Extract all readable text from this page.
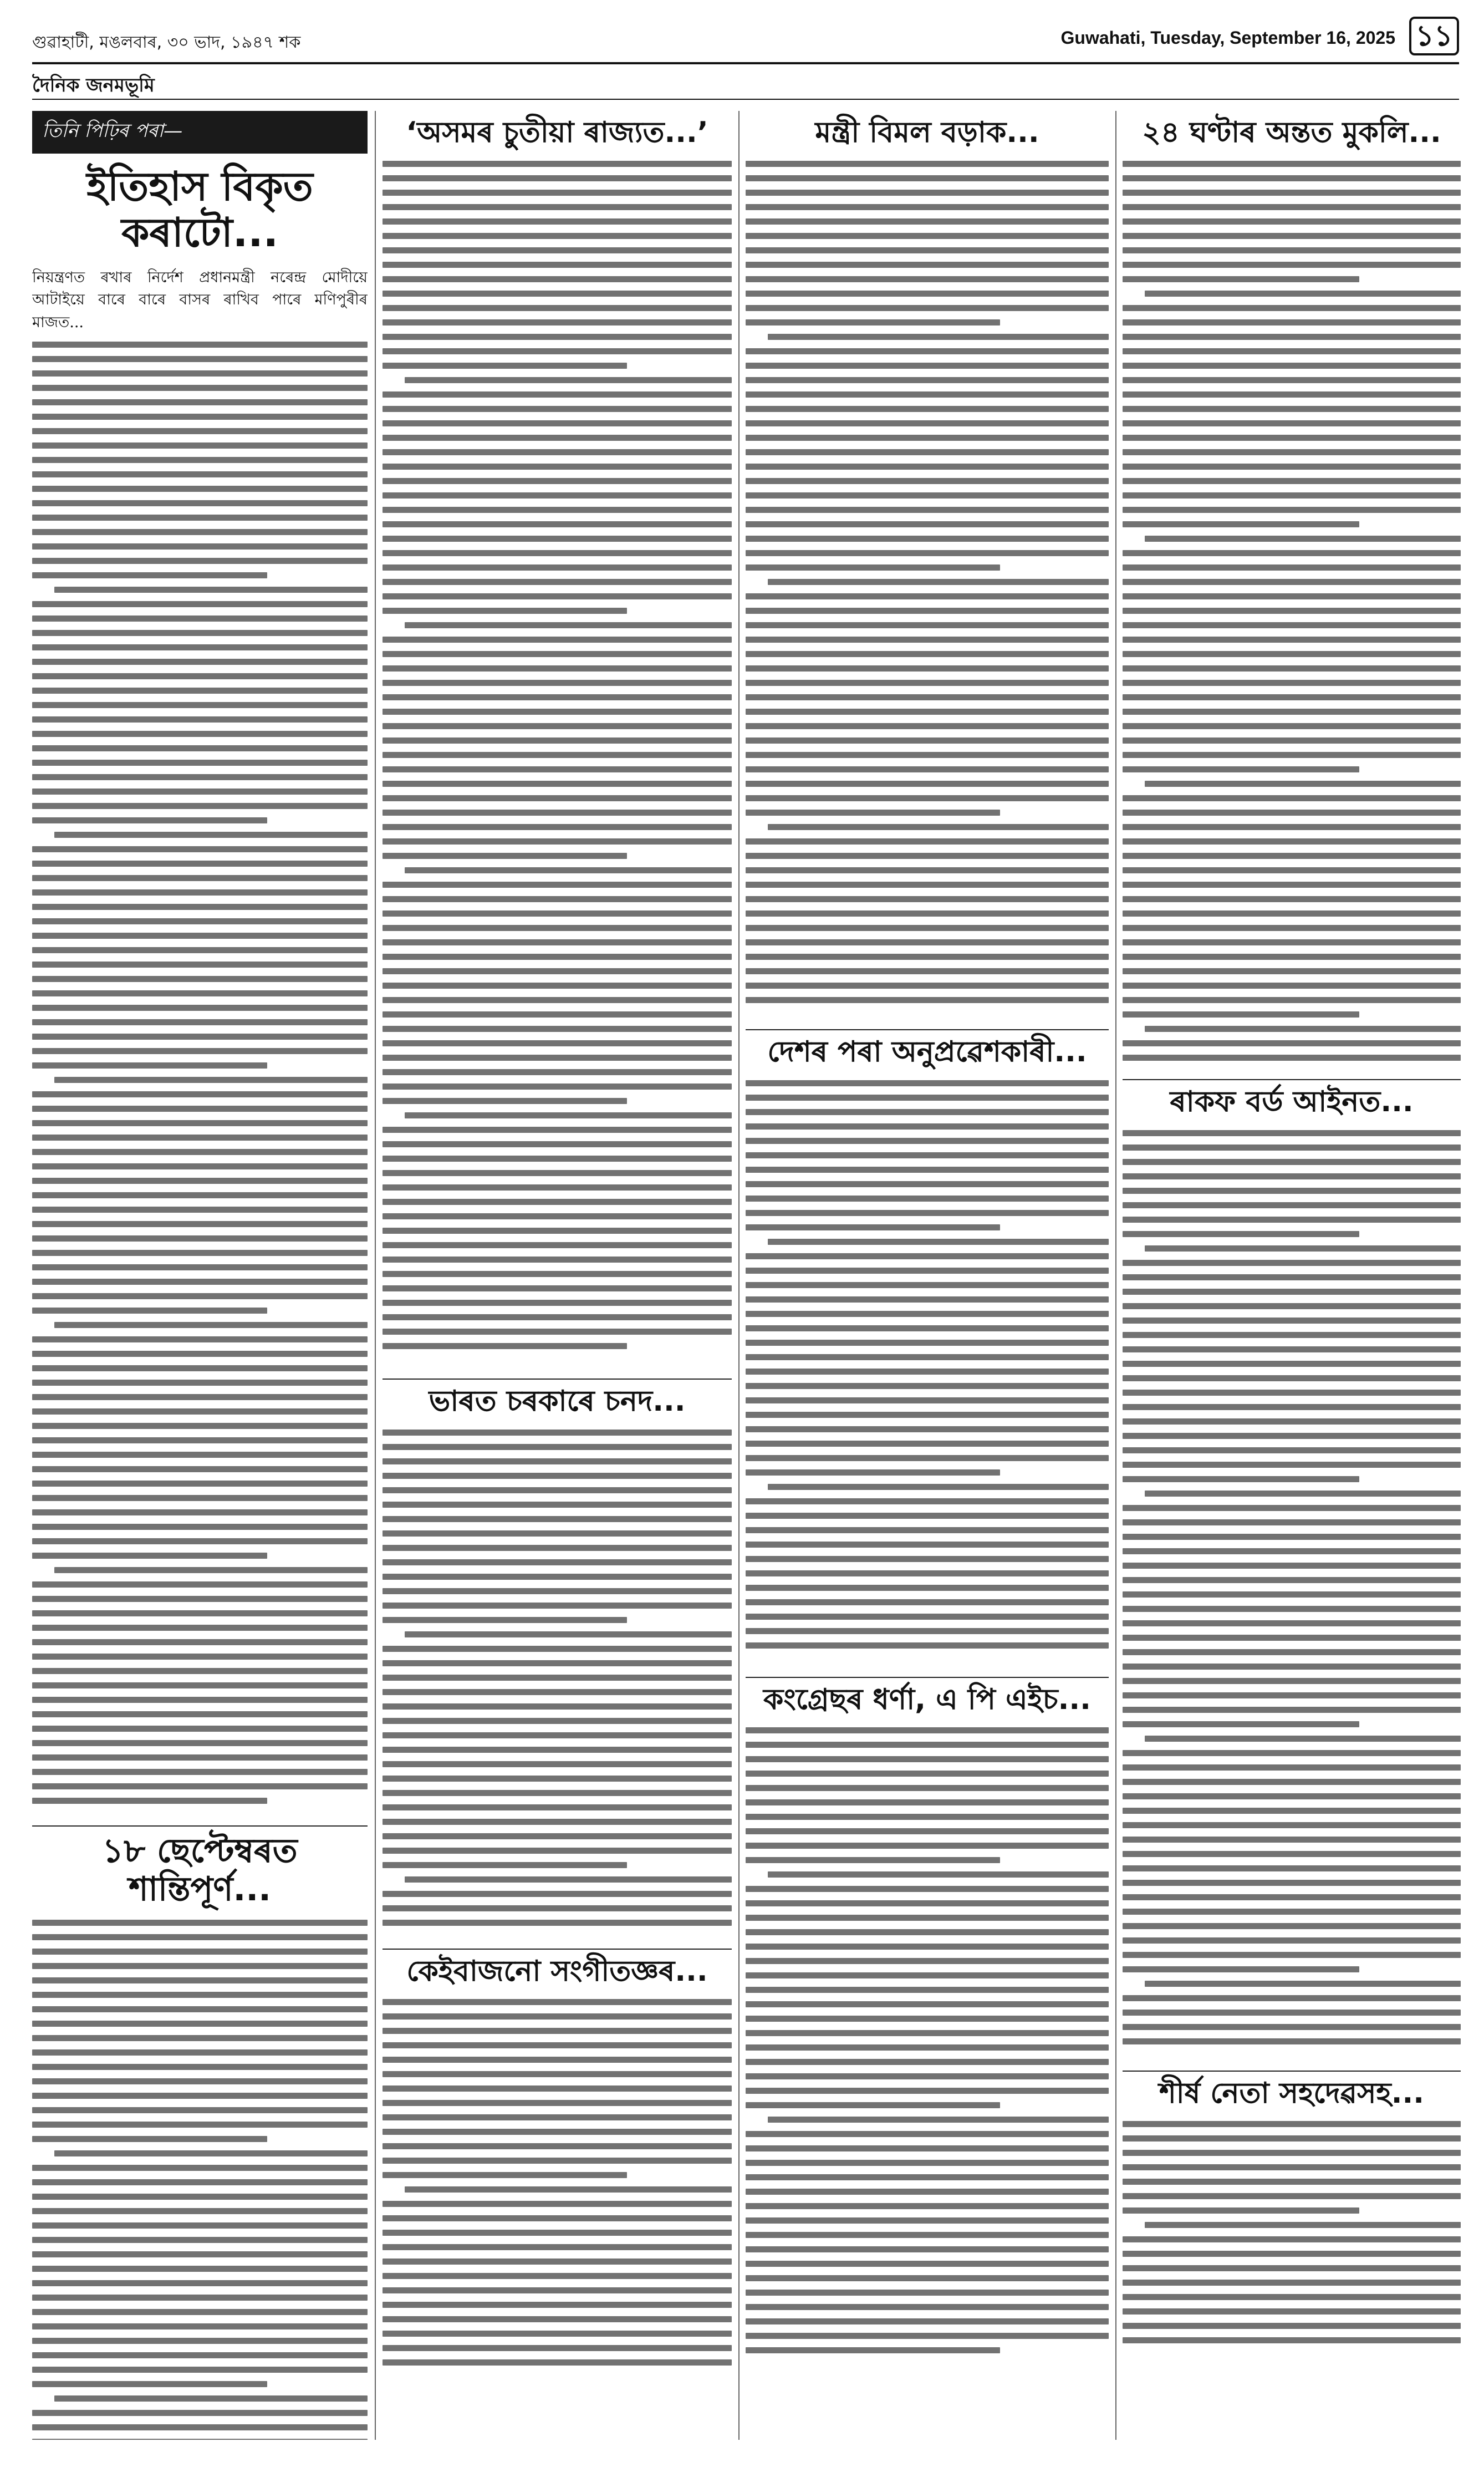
গুৱাহাটী, মঙলবাৰ, ৩০ ভাদ, ১৯৪৭ শক	Guwahati, Tuesday, September 16, 2025 ১১
দৈনিক জনমভূমি
তিনি পিঢ়িৰ পৰা—
ইতিহাস বিকৃত কৰাটো...
নিয়ন্ত্ৰণত ৰখাৰ নিৰ্দেশ প্ৰধানমন্ত্ৰী নৰেন্দ্ৰ মোদীয়ে আটাইয়ে বাৰে বাৰে বাসৰ ৰাখিব পাৰে মণিপুৰীৰ মাজত...
১৮ ছেপ্টেম্বৰত শান্তিপূৰ্ণ...
‘অসমৰ চুতীয়া ৰাজ্যত...’
ভাৰত চৰকাৰে চনদ...
কেইবাজনো সংগীতজ্ঞৰ...
মন্ত্ৰী বিমল বড়াক...
দেশৰ পৰা অনুপ্ৰৱেশকাৰী...
কংগ্ৰেছৰ ধৰ্ণা, এ পি এইচ...
২৪ ঘণ্টাৰ অন্তত মুকলি...
ৰাকফ বৰ্ড আইনত...
শীৰ্ষ নেতা সহদেৱসহ...
